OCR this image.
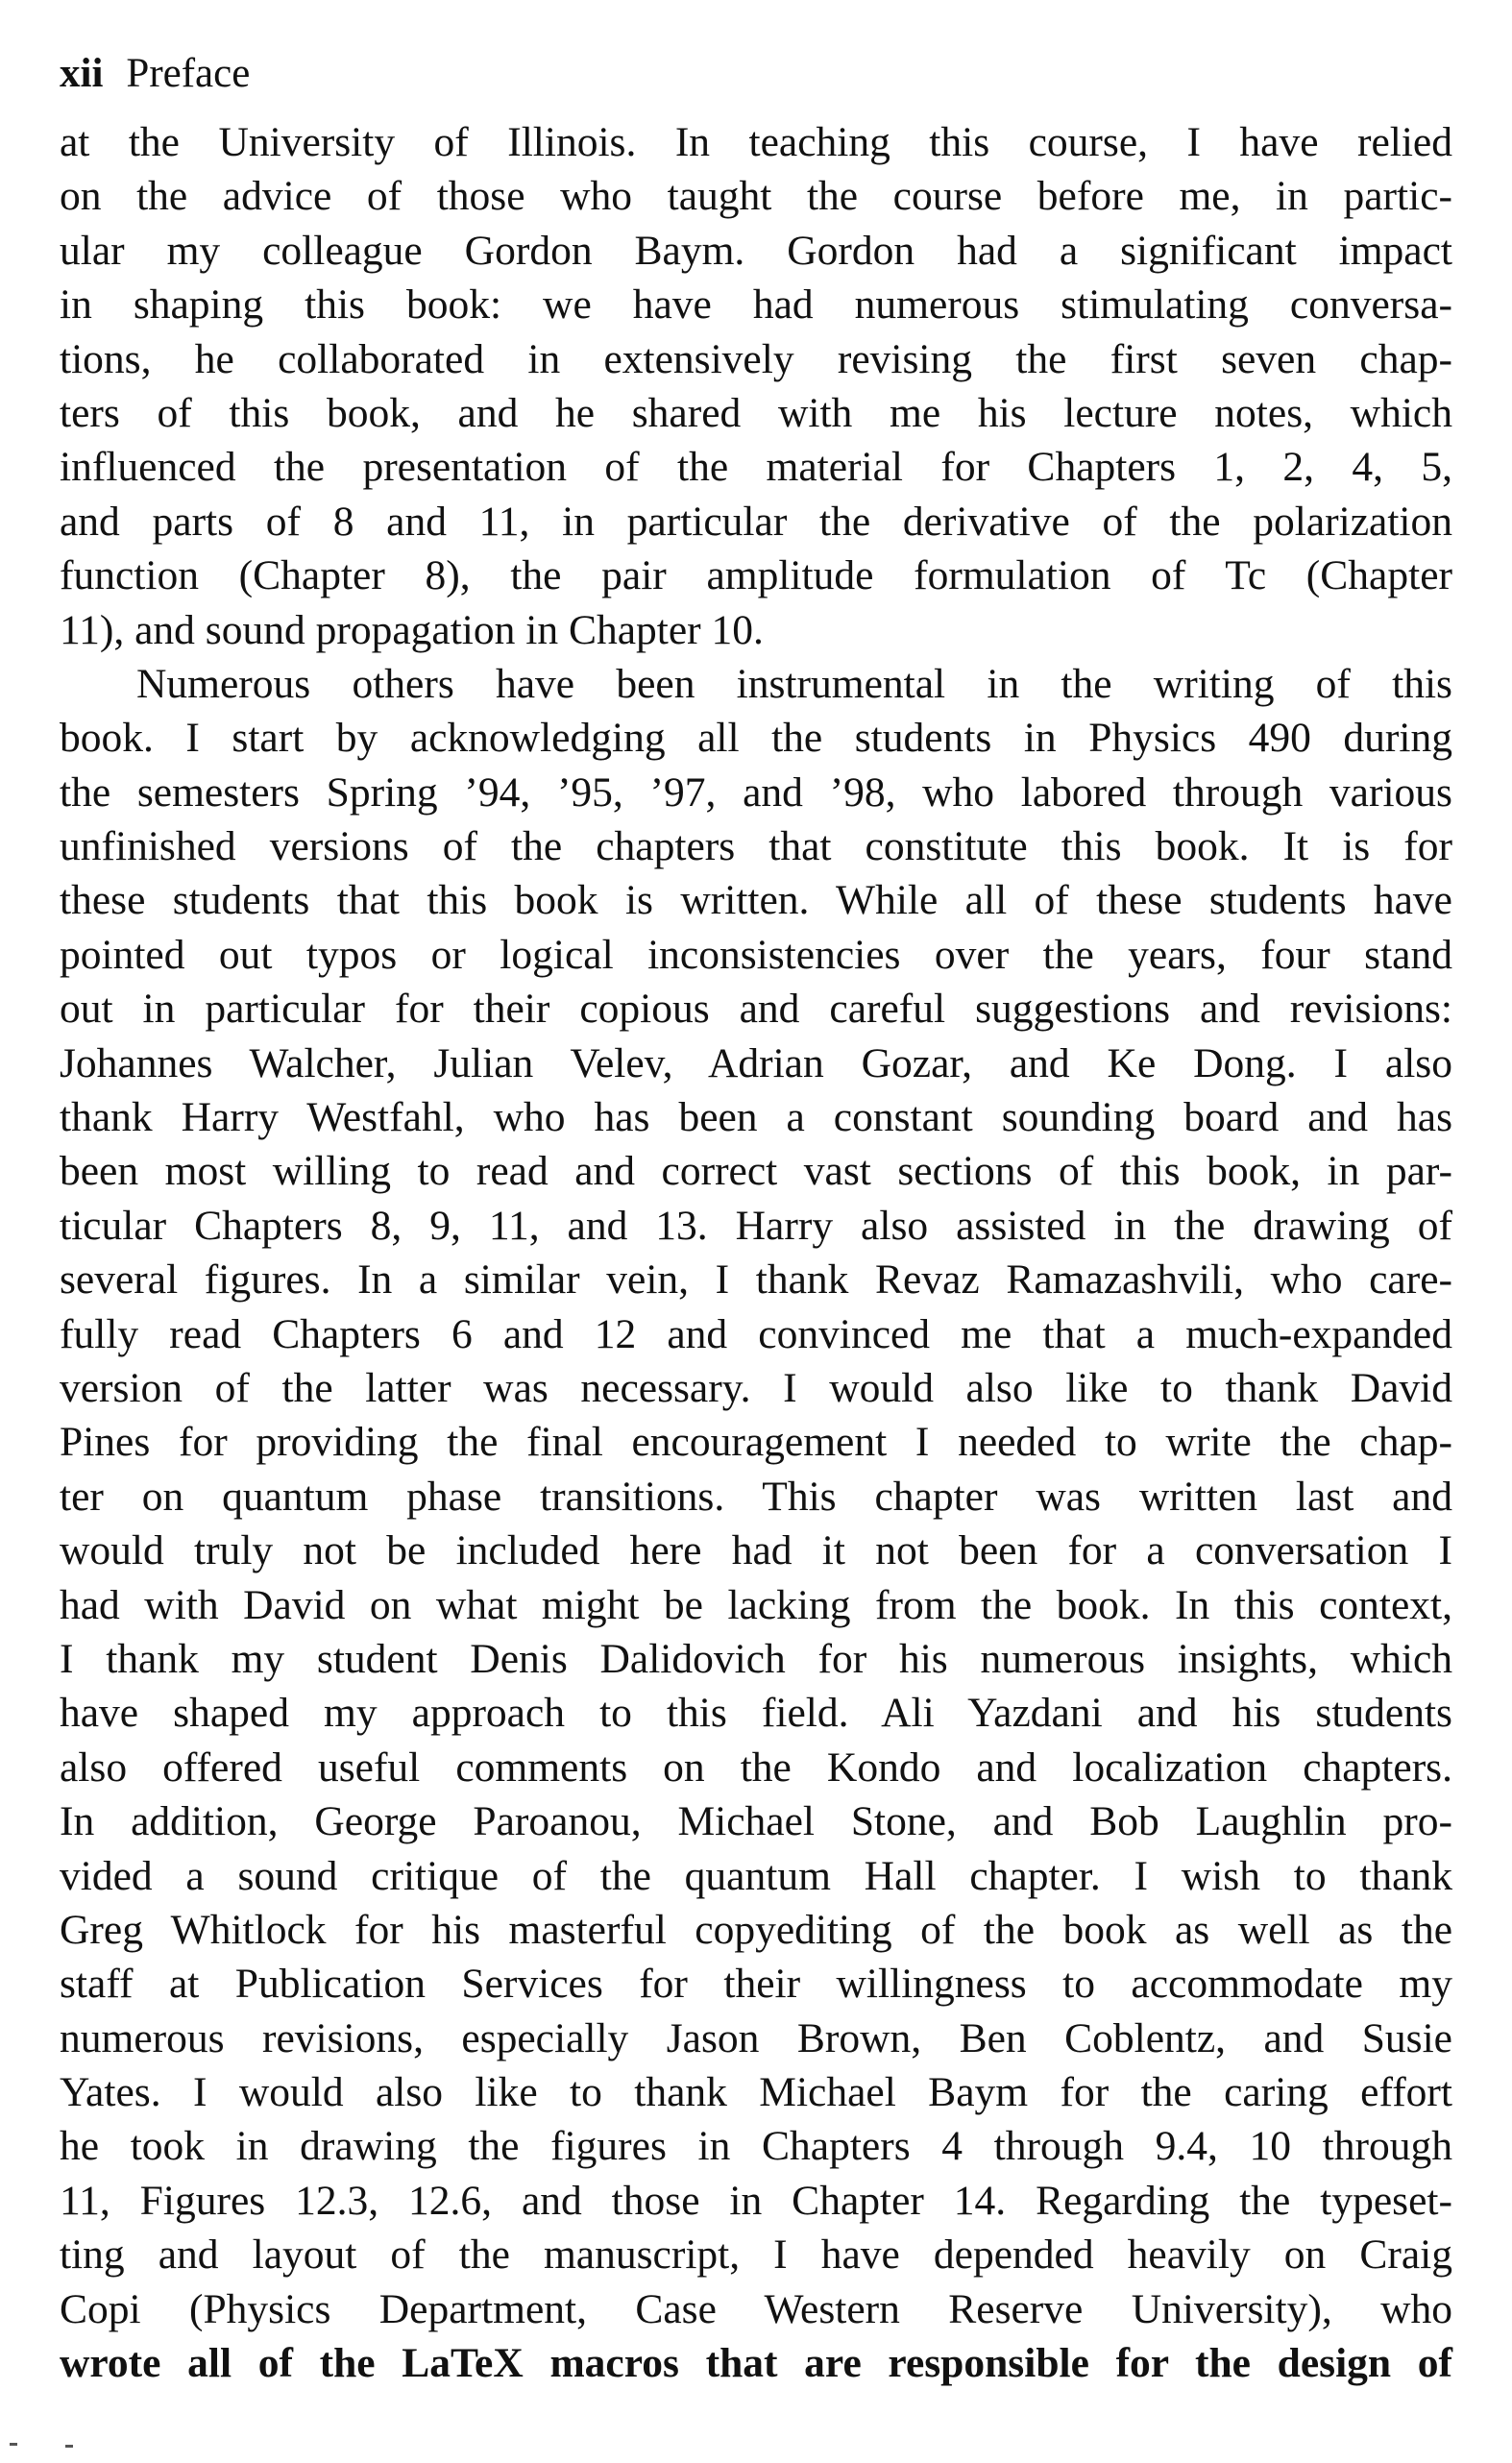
xii Preface
at the University of Illinois. In teaching this course, I have relied
on the advice of those who taught the course before me, in partic-
ular my colleague Gordon Baym. Gordon had a significant impact
in shaping this book: we have had numerous stimulating conversa-
tions, he collaborated in extensively revising the first seven chap-
ters of this book, and he shared with me his lecture notes, which
influenced the presentation of the material for Chapters 1, 2, 4, 5,
and parts of 8 and 11, in particular the derivative of the polarization
function (Chapter 8), the pair amplitude formulation of Tc (Chapter
11), and sound propagation in Chapter 10.
Numerous others have been instrumental in the writing of this
book. I start by acknowledging all the students in Physics 490 during
the semesters Spring ’94, ’95, ’97, and ’98, who labored through various
unfinished versions of the chapters that constitute this book. It is for
these students that this book is written. While all of these students have
pointed out typos or logical inconsistencies over the years, four stand
out in particular for their copious and careful suggestions and revisions:
Johannes Walcher, Julian Velev, Adrian Gozar, and Ke Dong. I also
thank Harry Westfahl, who has been a constant sounding board and has
been most willing to read and correct vast sections of this book, in par-
ticular Chapters 8, 9, 11, and 13. Harry also assisted in the drawing of
several figures. In a similar vein, I thank Revaz Ramazashvili, who care-
fully read Chapters 6 and 12 and convinced me that a much-expanded
version of the latter was necessary. I would also like to thank David
Pines for providing the final encouragement I needed to write the chap-
ter on quantum phase transitions. This chapter was written last and
would truly not be included here had it not been for a conversation I
had with David on what might be lacking from the book. In this context,
I thank my student Denis Dalidovich for his numerous insights, which
have shaped my approach to this field. Ali Yazdani and his students
also offered useful comments on the Kondo and localization chapters.
In addition, George Paroanou, Michael Stone, and Bob Laughlin pro-
vided a sound critique of the quantum Hall chapter. I wish to thank
Greg Whitlock for his masterful copyediting of the book as well as the
staff at Publication Services for their willingness to accommodate my
numerous revisions, especially Jason Brown, Ben Coblentz, and Susie
Yates. I would also like to thank Michael Baym for the caring effort
he took in drawing the figures in Chapters 4 through 9.4, 10 through
11, Figures 12.3, 12.6, and those in Chapter 14. Regarding the typeset-
ting and layout of the manuscript, I have depended heavily on Craig
Copi (Physics Department, Case Western Reserve University), who
wrote all of the LaTeX macros that are responsible for the design of
